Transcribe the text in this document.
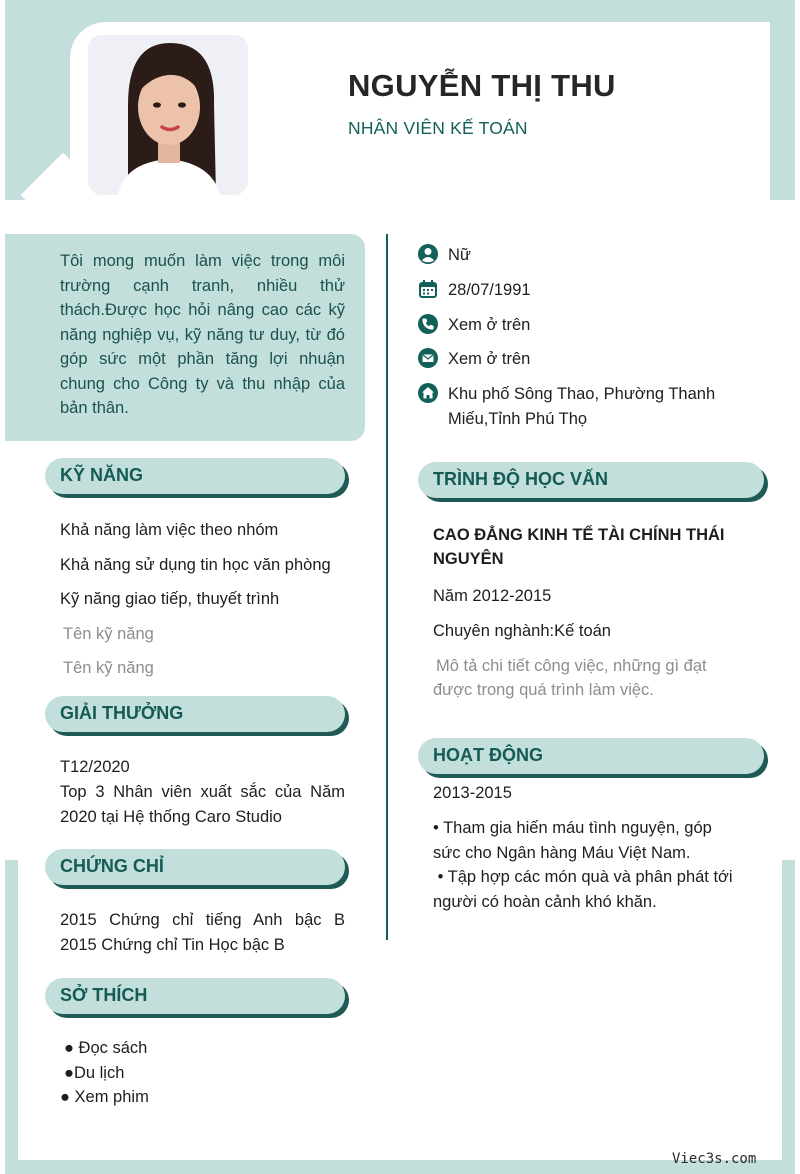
NGUYỄN THỊ THU
NHÂN VIÊN KẾ TOÁN
Tôi mong muốn làm việc trong môi trường cạnh tranh, nhiều thử thách.Được học hỏi nâng cao các kỹ năng nghiệp vụ, kỹ năng tư duy, từ đó góp sức một phần tăng lợi nhuận chung cho Công ty và thu nhập của bản thân.
Nữ
28/07/1991
Xem ở trên
Xem ở trên
Khu phố Sông Thao, Phường Thanh
Miếu,Tỉnh Phú Thọ
KỸ NĂNG
Khả năng làm việc theo nhóm
Khả năng sử dụng tin học văn phòng
Kỹ năng giao tiếp, thuyết trình
Tên kỹ năng
Tên kỹ năng
GIẢI THƯỞNG
T12/2020
Top 3 Nhân viên xuất sắc của Năm 2020 tại Hệ thống Caro Studio
CHỨNG CHỈ
2015 Chứng chỉ tiếng Anh bậc B
2015 Chứng chỉ Tin Học bậc B
SỞ THÍCH
● Đọc sách
●Du lịch
● Xem phim
TRÌNH ĐỘ HỌC VẤN
CAO ĐẲNG KINH TẾ TÀI CHÍNH THÁI
NGUYÊN
Năm 2012-2015
Chuyên nghành:Kế toán
Mô tả chi tiết công việc, những gì đạt
được trong quá trình làm việc.
HOẠT ĐỘNG
2013-2015
• Tham gia hiến máu tình nguyện, góp
sức cho Ngân hàng Máu Việt Nam.
• Tập hợp các món quà và phân phát tới
người có hoàn cảnh khó khăn.
Viec3s.com
